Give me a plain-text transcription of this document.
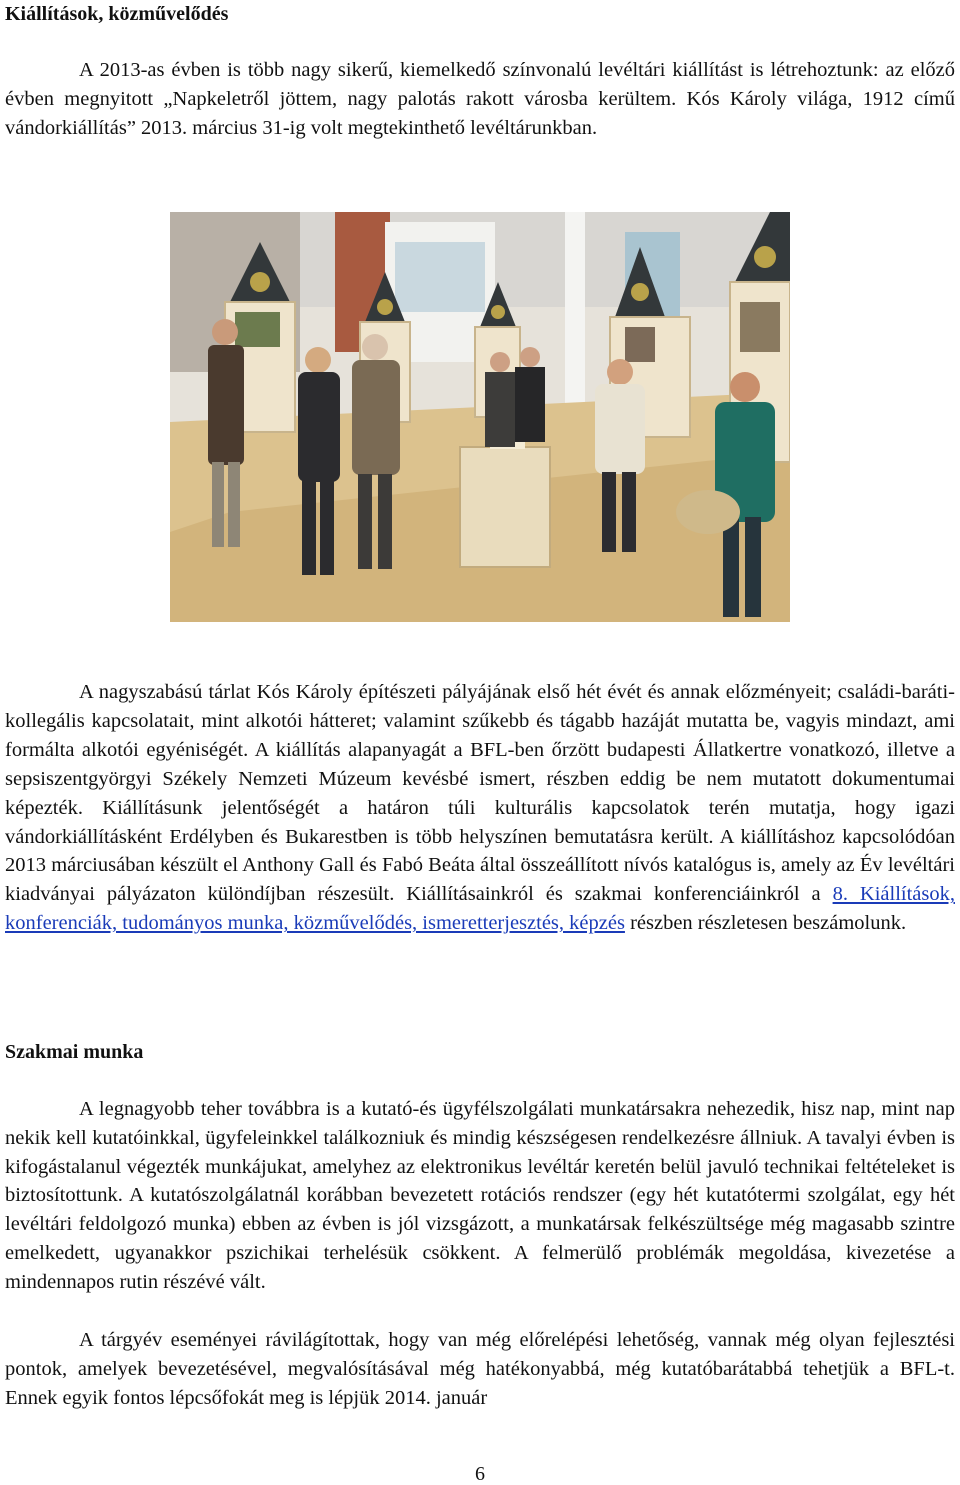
Kiállítások, közművelődés

A 2013-as évben is több nagy sikerű, kiemelkedő színvonalú levéltári kiállítást is létrehoztunk: az előző évben megnyitott „Napkeletről jöttem, nagy palotás rakott városba kerültem. Kós Károly világa, 1912 című vándorkiállítás” 2013. március 31-ig volt megtekinthető levéltárunkban.

A nagyszabású tárlat Kós Károly építészeti pályájának első hét évét és annak előzményeit; családi-baráti-kollegális kapcsolatait, mint alkotói hátteret; valamint szűkebb és tágabb hazáját mutatta be, vagyis mindazt, ami formálta alkotói egyéniségét. A kiállítás alapanyagát a BFL-ben őrzött budapesti Állatkertre vonatkozó, illetve a sepsiszentgyörgyi Székely Nemzeti Múzeum kevésbé ismert, részben eddig be nem mutatott dokumentumai képezték. Kiállításunk jelentőségét a határon túli kulturális kapcsolatok terén mutatja, hogy igazi vándorkiállításként Erdélyben és Bukarestben is több helyszínen bemutatásra került. A kiállításhoz kapcsolódóan 2013 márciusában készült el Anthony Gall és Fabó Beáta által összeállított nívós katalógus is, amely az Év levéltári kiadványai pályázaton különdíjban részesült. Kiállításainkról és szakmai konferenciáinkról a 8. Kiállítások, konferenciák, tudományos munka, közművelődés, ismeretterjesztés, képzés részben részletesen beszámolunk.

Szakmai munka

A legnagyobb teher továbbra is a kutató-és ügyfélszolgálati munkatársakra nehezedik, hisz nap, mint nap nekik kell kutatóinkkal, ügyfeleinkkel találkozniuk és mindig készségesen rendelkezésre állniuk. A tavalyi évben is kifogástalanul végezték munkájukat, amelyhez az elektronikus levéltár keretén belül javuló technikai feltételeket is biztosítottunk. A kutatószolgálatnál korábban bevezetett rotációs rendszer (egy hét kutatótermi szolgálat, egy hét levéltári feldolgozó munka) ebben az évben is jól vizsgázott, a munkatársak felkészültsége még magasabb szintre emelkedett, ugyanakkor pszichikai terhelésük csökkent. A felmerülő problémák megoldása, kivezetése a mindennapos rutin részévé vált.

A tárgyév eseményei rávilágítottak, hogy van még előrelépési lehetőség, vannak még olyan fejlesztési pontok, amelyek bevezetésével, megvalósításával még hatékonyabbá, még kutatóbarátabbá tehetjük a BFL-t. Ennek egyik fontos lépcsőfokát meg is lépjük 2014. január

6
